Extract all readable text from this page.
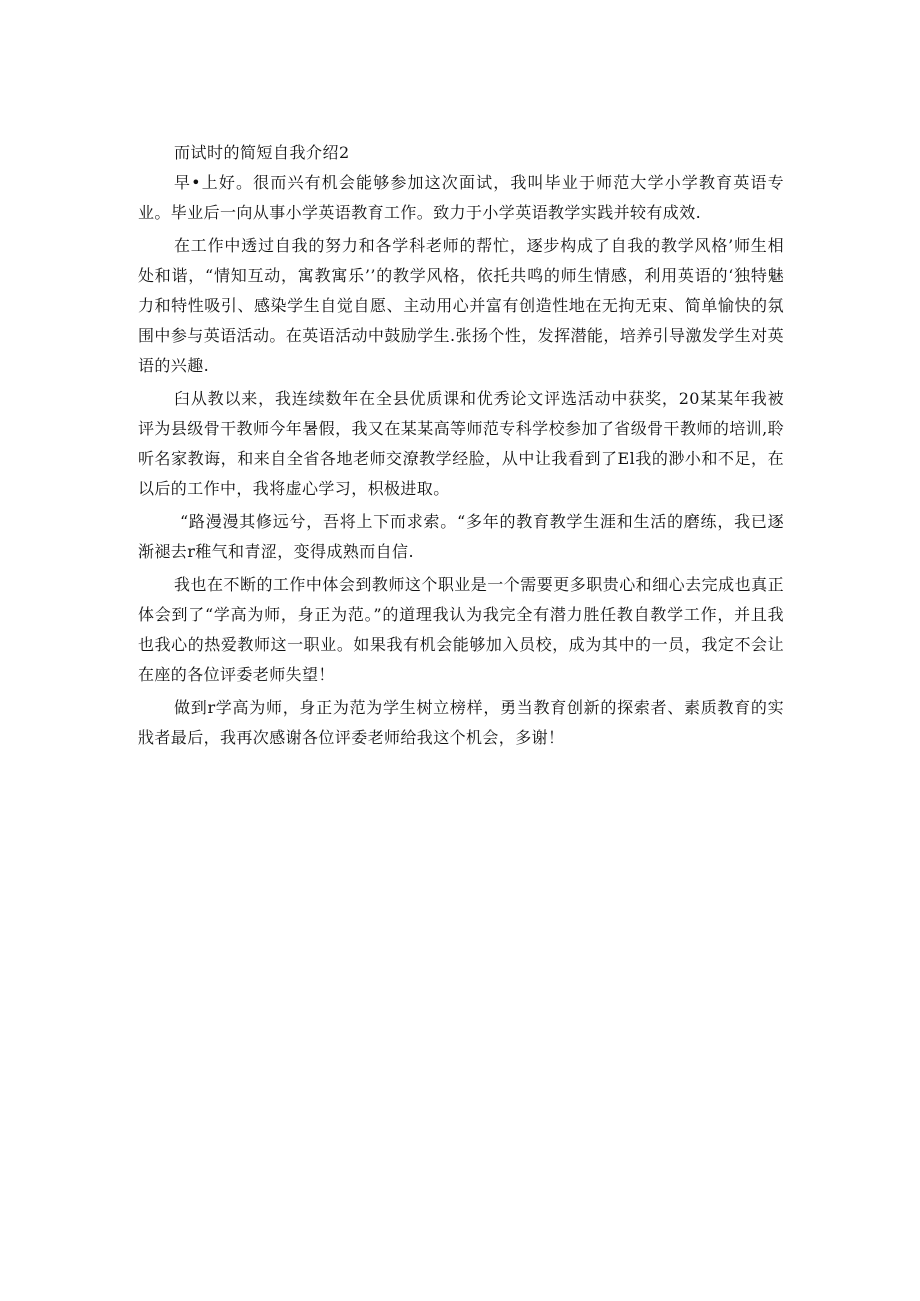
而试时的简短自我介绍2

早•上好。很而兴有机会能够参加这次面试，我叫毕业于师范大学小学教育英语专业。毕业后一向从事小学英语教育工作。致力于小学英语教学实践并较有成效.

在工作中透过自我的努力和各学科老师的帮忙，逐步构成了自我的教学风格’师生相处和谐，“情知互动，寓教寓乐’’的教学风格，依托共鸣的师生情感，利用英语的‘独特魅力和特性吸引、感染学生自觉自愿、主动用心并富有创造性地在无拘无束、简单愉快的氛围中参与英语活动。在英语活动中鼓励学生.张扬个性，发挥潜能，培养引导激发学生对英语的兴趣.

臼从教以来，我连续数年在全县优质课和优秀论文评选活动中获奖，20某某年我被评为县级骨干教师今年暑假，我又在某某高等师范专科学校参加了省级骨干教师的培训,聆听名家教诲，和来自全省各地老师交潦教学经脸，从中让我看到了El我的渺小和不足，在以后的工作中，我将虚心学习，枳极进取。

“路漫漫其修远兮，吾将上下而求索。“多年的教育教学生涯和生活的磨练，我已逐渐褪去r稚气和青涩，变得成熟而自信.

我也在不断的工作中体会到教师这个职业是一个需要更多职贵心和细心去完成也真正体会到了“学高为师，身正为范。”的道理我认为我完全有潜力胜任教自教学工作，并且我也我心的热爱教师这一职业。如果我有机会能够加入员校，成为其中的一员，我定不会让在座的各位评委老师失望！

做到r学高为师，身正为范为学生树立榜样，勇当教育创新的探索者、素质教育的实戕者最后，我再次感谢各位评委老师给我这个机会，多谢！
